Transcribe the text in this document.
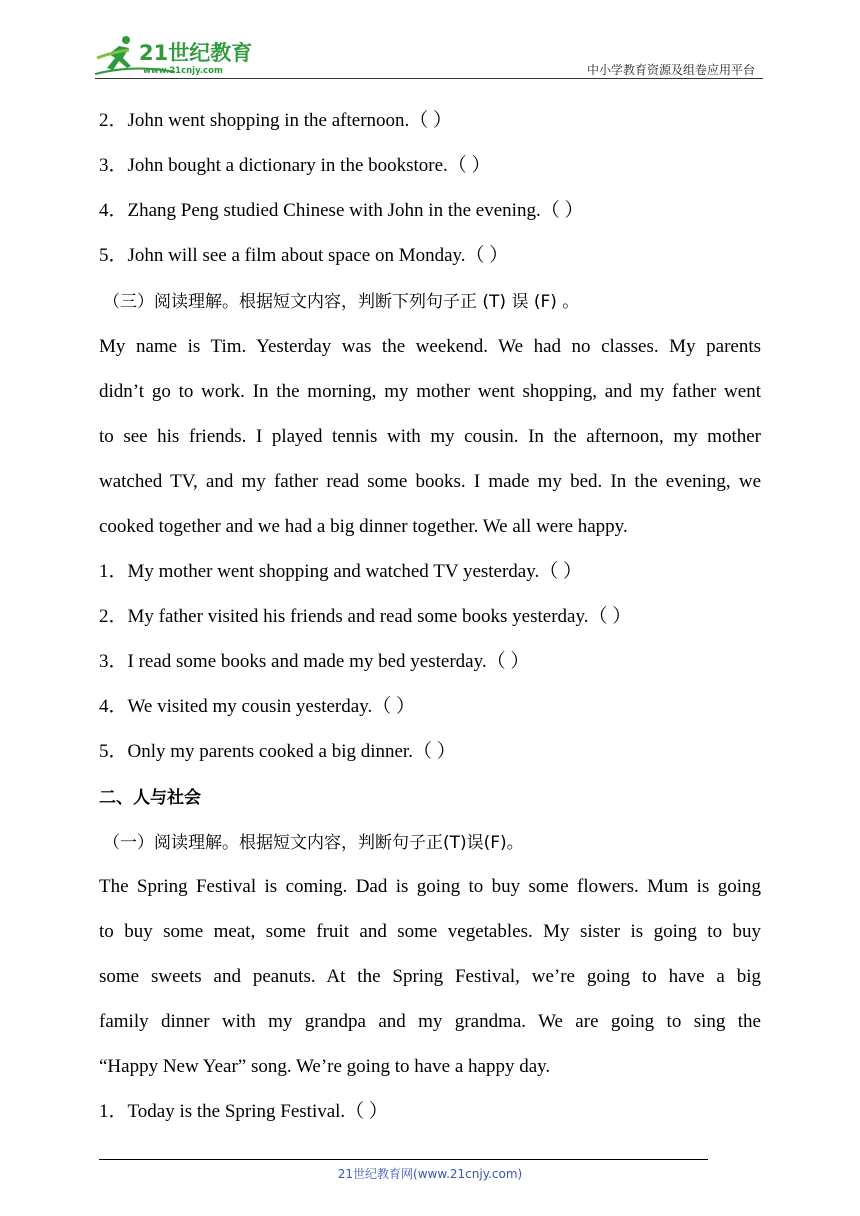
21世纪教育
www.21cnjy.com	中小学教育资源及组卷应用平台
2．John went shopping in the afternoon.（ ）
3．John bought a dictionary in the bookstore.（ ）
4．Zhang Peng studied Chinese with John in the evening.（ ）
5．John will see a film about space on Monday.（ ）
（三）阅读理解。根据短文内容，判断下列句子正 (T) 误 (F) 。
My name is Tim. Yesterday was the weekend. We had no classes. My parents
didn’t go to work. In the morning, my mother went shopping, and my father went
to see his friends. I played tennis with my cousin. In the afternoon, my mother
watched TV, and my father read some books. I made my bed. In the evening, we
cooked together and we had a big dinner together. We all were happy.
1．My mother went shopping and watched TV yesterday.（ ）
2．My father visited his friends and read some books yesterday.（ ）
3．I read some books and made my bed yesterday.（ ）
4．We visited my cousin yesterday.（ ）
5．Only my parents cooked a big dinner.（ ）
二、人与社会
（一）阅读理解。根据短文内容，判断句子正(T)误(F)。
The Spring Festival is coming. Dad is going to buy some flowers. Mum is going
to buy some meat, some fruit and some vegetables. My sister is going to buy
some sweets and peanuts. At the Spring Festival, we’re going to have a big
family dinner with my grandpa and my grandma. We are going to sing the
“Happy New Year” song. We’re going to have a happy day.
1．Today is the Spring Festival.（ ）
21世纪教育网(www.21cnjy.com)
